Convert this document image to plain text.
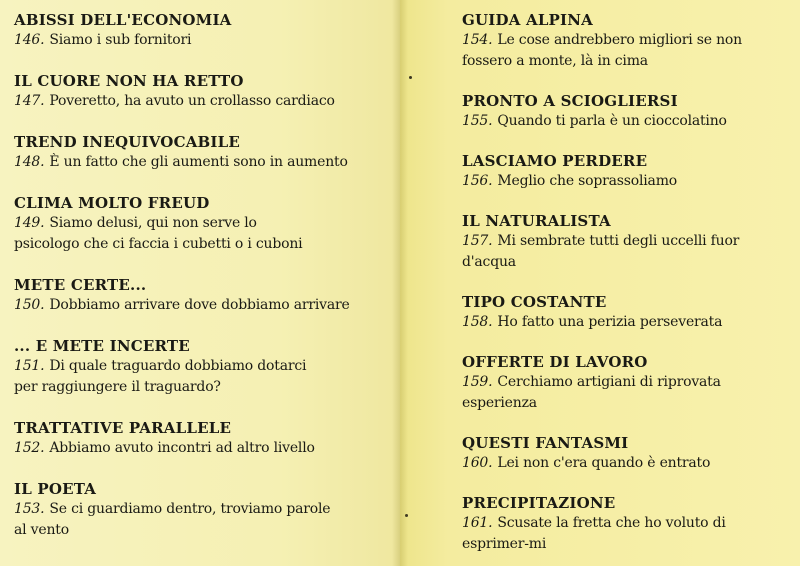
ABISSI DELL'ECONOMIA
146. Siamo i sub fornitori
IL CUORE NON HA RETTO
147. Poveretto, ha avuto un crollasso cardiaco
TREND INEQUIVOCABILE
148. È un fatto che gli aumenti sono in aumento
CLIMA MOLTO FREUD
149. Siamo delusi, qui non serve lo psicologo che ci faccia i cubetti o i cuboni
METE CERTE...
150. Dobbiamo arrivare dove dobbiamo arrivare
... E METE INCERTE
151. Di quale traguardo dobbiamo dotarci per raggiungere il traguardo?
TRATTATIVE PARALLELE
152. Abbiamo avuto incontri ad altro livello
IL POETA
153. Se ci guardiamo dentro, troviamo parole al vento
GUIDA ALPINA
154. Le cose andrebbero migliori se non fossero a monte, là in cima
PRONTO A SCIOGLIERSI
155. Quando ti parla è un cioccolatino
LASCIAMO PERDERE
156. Meglio che soprassoliamo
IL NATURALISTA
157. Mi sembrate tutti degli uccelli fuor d'acqua
TIPO COSTANTE
158. Ho fatto una perizia perseverata
OFFERTE DI LAVORO
159. Cerchiamo artigiani di riprovata esperienza
QUESTI FANTASMI
160. Lei non c'era quando è entrato
PRECIPITAZIONE
161. Scusate la fretta che ho voluto di esprimer-mi
